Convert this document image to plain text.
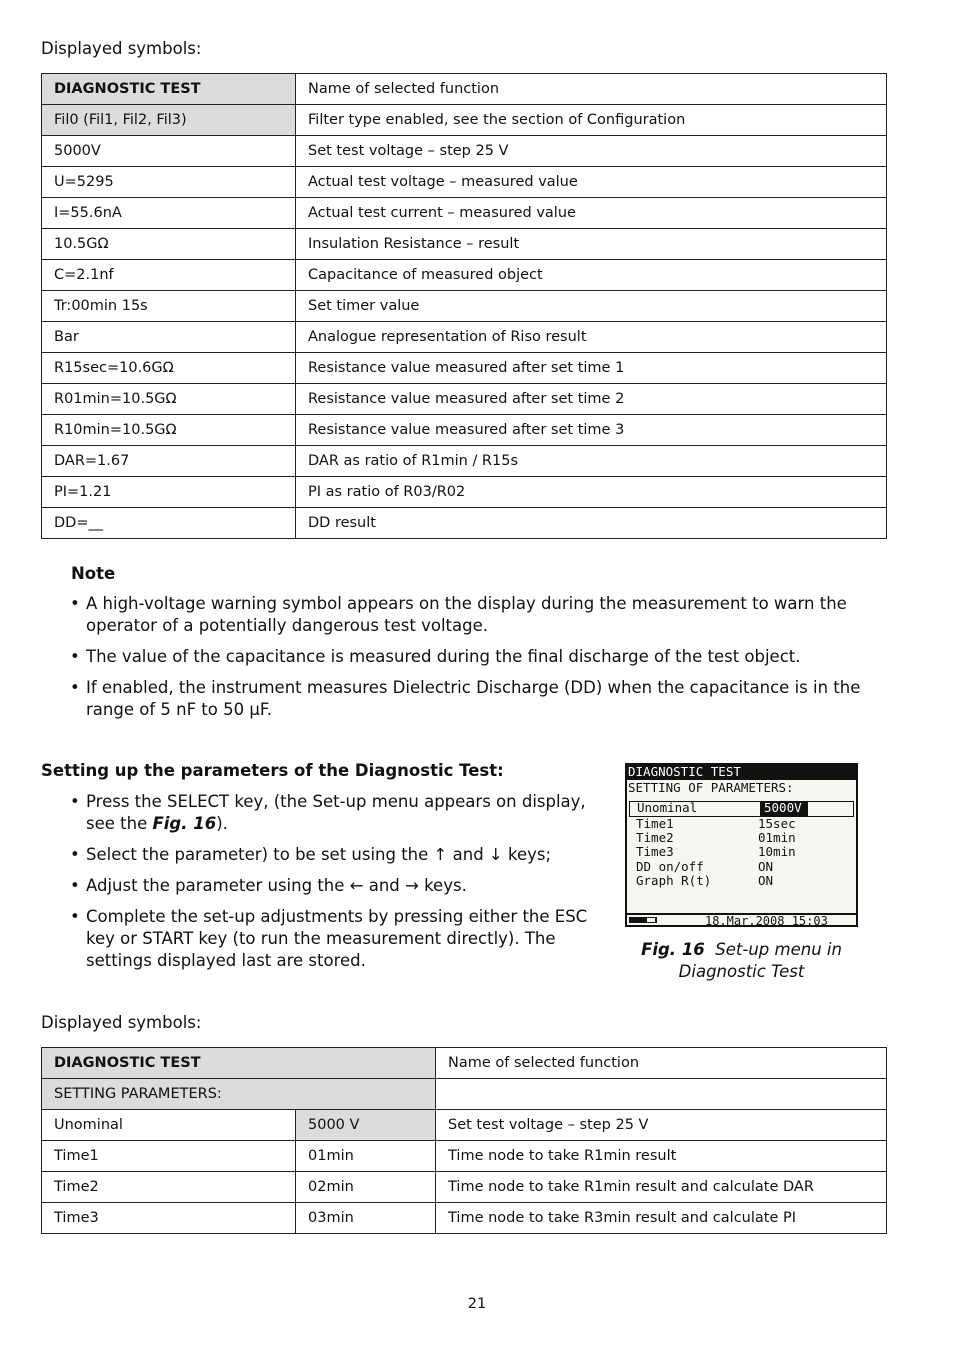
Displayed symbols:
DIAGNOSTIC TEST	Name of selected function
Fil0 (Fil1, Fil2, Fil3)	Filter type enabled, see the section of Configuration
5000V	Set test voltage – step 25 V
U=5295	Actual test voltage – measured value
I=55.6nA	Actual test current – measured value
10.5GΩ	Insulation Resistance – result
C=2.1nf	Capacitance of measured object
Tr:00min 15s	Set timer value
Bar	Analogue representation of Riso result
R15sec=10.6GΩ	Resistance value measured after set time 1
R01min=10.5GΩ	Resistance value measured after set time 2
R10min=10.5GΩ	Resistance value measured after set time 3
DAR=1.67	DAR as ratio of R1min / R15s
PI=1.21	PI as ratio of R03/R02
DD=__	DD result
Note
• A high-voltage warning symbol appears on the display during the measurement to warn the operator of a potentially dangerous test voltage.
• The value of the capacitance is measured during the final discharge of the test object.
• If enabled, the instrument measures Dielectric Discharge (DD) when the capacitance is in the range of 5 nF to 50 µF.
Setting up the parameters of the Diagnostic Test:
• Press the SELECT key, (the Set-up menu appears on display, see the Fig. 16).
• Select the parameter) to be set using the ↑ and ↓ keys;
• Adjust the parameter using the ← and → keys.
• Complete the set-up adjustments by pressing either the ESC key or START key (to run the measurement directly). The settings displayed last are stored.
DIAGNOSTIC TEST
SETTING OF PARAMETERS:

Unominal

	5000V

Time1	15sec
Time2	01min
Time3	10min
DD on/off	ON
Graph R(t)	ON
18.Mar.2008 15:03
Fig. 16 Set-up menu in
Diagnostic Test
Displayed symbols:
DIAGNOSTIC TEST		Name of selected function
SETTING PARAMETERS:		
Unominal	5000 V	Set test voltage – step 25 V
Time1	01min	Time node to take R1min result
Time2	02min	Time node to take R1min result and calculate DAR
Time3	03min	Time node to take R3min result and calculate PI
21
